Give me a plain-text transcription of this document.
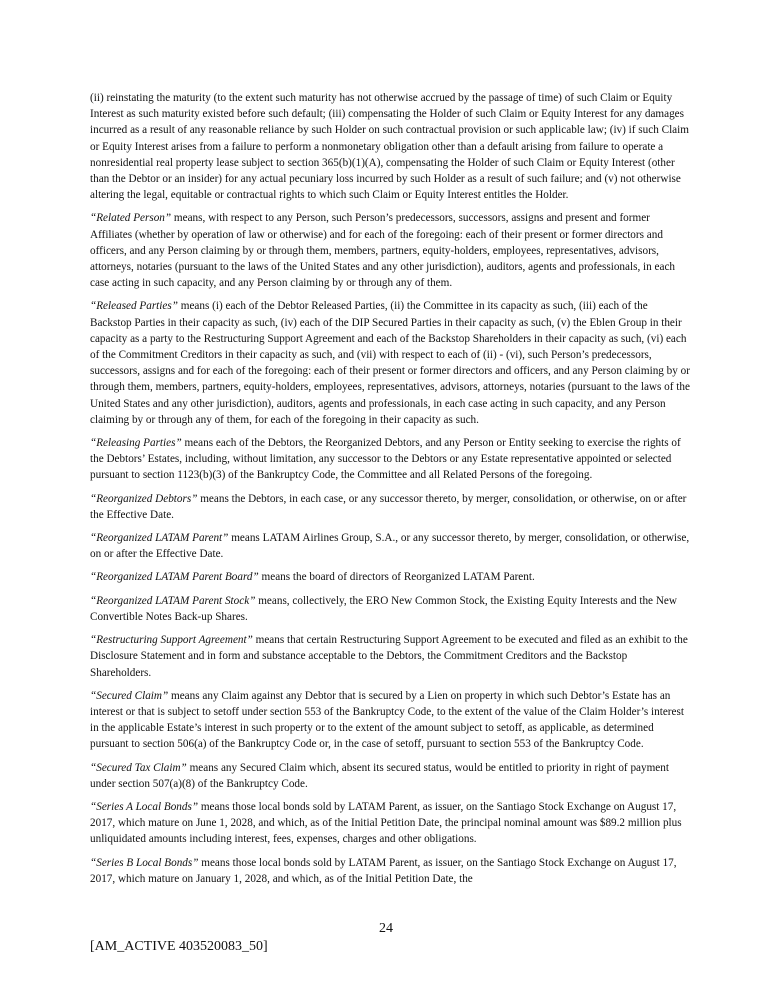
(ii) reinstating the maturity (to the extent such maturity has not otherwise accrued by the passage of time) of such Claim or Equity Interest as such maturity existed before such default; (iii) compensating the Holder of such Claim or Equity Interest for any damages incurred as a result of any reasonable reliance by such Holder on such contractual provision or such applicable law; (iv) if such Claim or Equity Interest arises from a failure to perform a nonmonetary obligation other than a default arising from failure to operate a nonresidential real property lease subject to section 365(b)(1)(A), compensating the Holder of such Claim or Equity Interest (other than the Debtor or an insider) for any actual pecuniary loss incurred by such Holder as a result of such failure; and (v) not otherwise altering the legal, equitable or contractual rights to which such Claim or Equity Interest entitles the Holder.

“Related Person” means, with respect to any Person, such Person’s predecessors, successors, assigns and present and former Affiliates (whether by operation of law or otherwise) and for each of the foregoing: each of their present or former directors and officers, and any Person claiming by or through them, members, partners, equity-holders, employees, representatives, advisors, attorneys, notaries (pursuant to the laws of the United States and any other jurisdiction), auditors, agents and professionals, in each case acting in such capacity, and any Person claiming by or through any of them.

“Released Parties” means (i) each of the Debtor Released Parties, (ii) the Committee in its capacity as such, (iii) each of the Backstop Parties in their capacity as such, (iv) each of the DIP Secured Parties in their capacity as such, (v) the Eblen Group in their capacity as a party to the Restructuring Support Agreement and each of the Backstop Shareholders in their capacity as such, (vi) each of the Commitment Creditors in their capacity as such, and (vii) with respect to each of (ii) - (vi), such Person’s predecessors, successors, assigns and for each of the foregoing: each of their present or former directors and officers, and any Person claiming by or through them, members, partners, equity-holders, employees, representatives, advisors, attorneys, notaries (pursuant to the laws of the United States and any other jurisdiction), auditors, agents and professionals, in each case acting in such capacity, and any Person claiming by or through any of them, for each of the foregoing in their capacity as such.

“Releasing Parties” means each of the Debtors, the Reorganized Debtors, and any Person or Entity seeking to exercise the rights of the Debtors’ Estates, including, without limitation, any successor to the Debtors or any Estate representative appointed or selected pursuant to section 1123(b)(3) of the Bankruptcy Code, the Committee and all Related Persons of the foregoing.

“Reorganized Debtors” means the Debtors, in each case, or any successor thereto, by merger, consolidation, or otherwise, on or after the Effective Date.

“Reorganized LATAM Parent” means LATAM Airlines Group, S.A., or any successor thereto, by merger, consolidation, or otherwise, on or after the Effective Date.

“Reorganized LATAM Parent Board” means the board of directors of Reorganized LATAM Parent.

“Reorganized LATAM Parent Stock” means, collectively, the ERO New Common Stock, the Existing Equity Interests and the New Convertible Notes Back-up Shares.

“Restructuring Support Agreement” means that certain Restructuring Support Agreement to be executed and filed as an exhibit to the Disclosure Statement and in form and substance acceptable to the Debtors, the Commitment Creditors and the Backstop Shareholders.

“Secured Claim” means any Claim against any Debtor that is secured by a Lien on property in which such Debtor’s Estate has an interest or that is subject to setoff under section 553 of the Bankruptcy Code, to the extent of the value of the Claim Holder’s interest in the applicable Estate’s interest in such property or to the extent of the amount subject to setoff, as applicable, as determined pursuant to section 506(a) of the Bankruptcy Code or, in the case of setoff, pursuant to section 553 of the Bankruptcy Code.

“Secured Tax Claim” means any Secured Claim which, absent its secured status, would be entitled to priority in right of payment under section 507(a)(8) of the Bankruptcy Code.

“Series A Local Bonds” means those local bonds sold by LATAM Parent, as issuer, on the Santiago Stock Exchange on August 17, 2017, which mature on June 1, 2028, and which, as of the Initial Petition Date, the principal nominal amount was $89.2 million plus unliquidated amounts including interest, fees, expenses, charges and other obligations.

“Series B Local Bonds” means those local bonds sold by LATAM Parent, as issuer, on the Santiago Stock Exchange on August 17, 2017, which mature on January 1, 2028, and which, as of the Initial Petition Date, the

24
[AM_ACTIVE 403520083_50]
